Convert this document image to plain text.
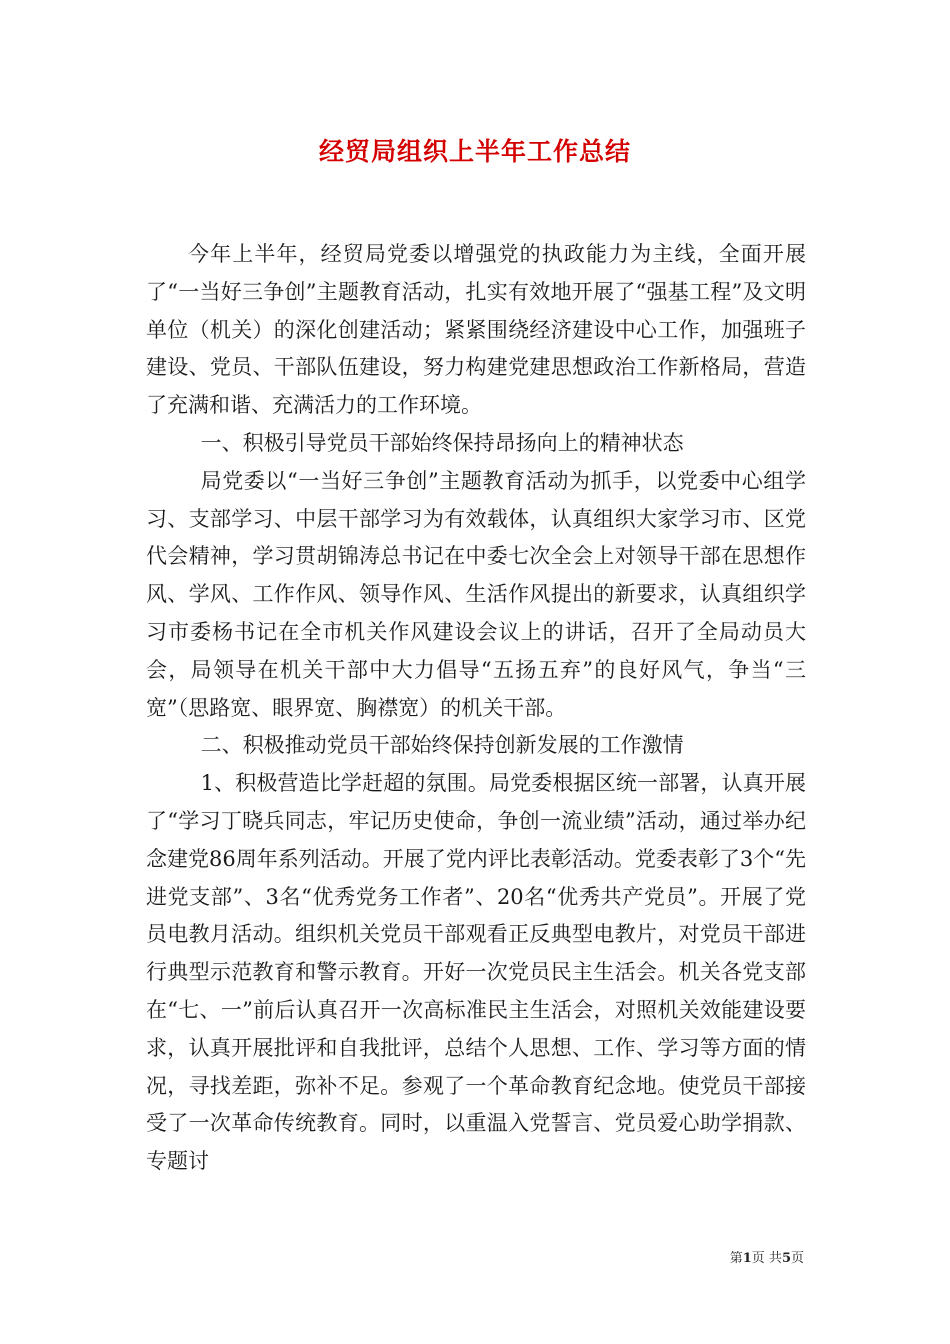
经贸局组织上半年工作总结

今年上半年，经贸局党委以增强党的执政能力为主线，全面开展了“一当好三争创”主题教育活动，扎实有效地开展了“强基工程”及文明单位（机关）的深化创建活动；紧紧围绕经济建设中心工作，加强班子建设、党员、干部队伍建设，努力构建党建思想政治工作新格局，营造了充满和谐、充满活力的工作环境。

一、积极引导党员干部始终保持昂扬向上的精神状态

局党委以“一当好三争创”主题教育活动为抓手，以党委中心组学习、支部学习、中层干部学习为有效载体，认真组织大家学习市、区党代会精神，学习贯胡锦涛总书记在中委七次全会上对领导干部在思想作风、学风、工作作风、领导作风、生活作风提出的新要求，认真组织学习市委杨书记在全市机关作风建设会议上的讲话，召开了全局动员大会，局领导在机关干部中大力倡导“五扬五弃”的良好风气，争当“三宽”（思路宽、眼界宽、胸襟宽）的机关干部。

二、积极推动党员干部始终保持创新发展的工作激情

1、积极营造比学赶超的氛围。局党委根据区统一部署，认真开展了“学习丁晓兵同志，牢记历史使命，争创一流业绩”活动，通过举办纪念建党86周年系列活动。开展了党内评比表彰活动。党委表彰了3个“先进党支部”、3名“优秀党务工作者”、20名“优秀共产党员”。开展了党员电教月活动。组织机关党员干部观看正反典型电教片，对党员干部进行典型示范教育和警示教育。开好一次党员民主生活会。机关各党支部在“七、一”前后认真召开一次高标准民主生活会，对照机关效能建设要求，认真开展批评和自我批评，总结个人思想、工作、学习等方面的情况，寻找差距，弥补不足。参观了一个革命教育纪念地。使党员干部接受了一次革命传统教育。同时，以重温入党誓言、党员爱心助学捐款、专题讨

第1页 共5页
